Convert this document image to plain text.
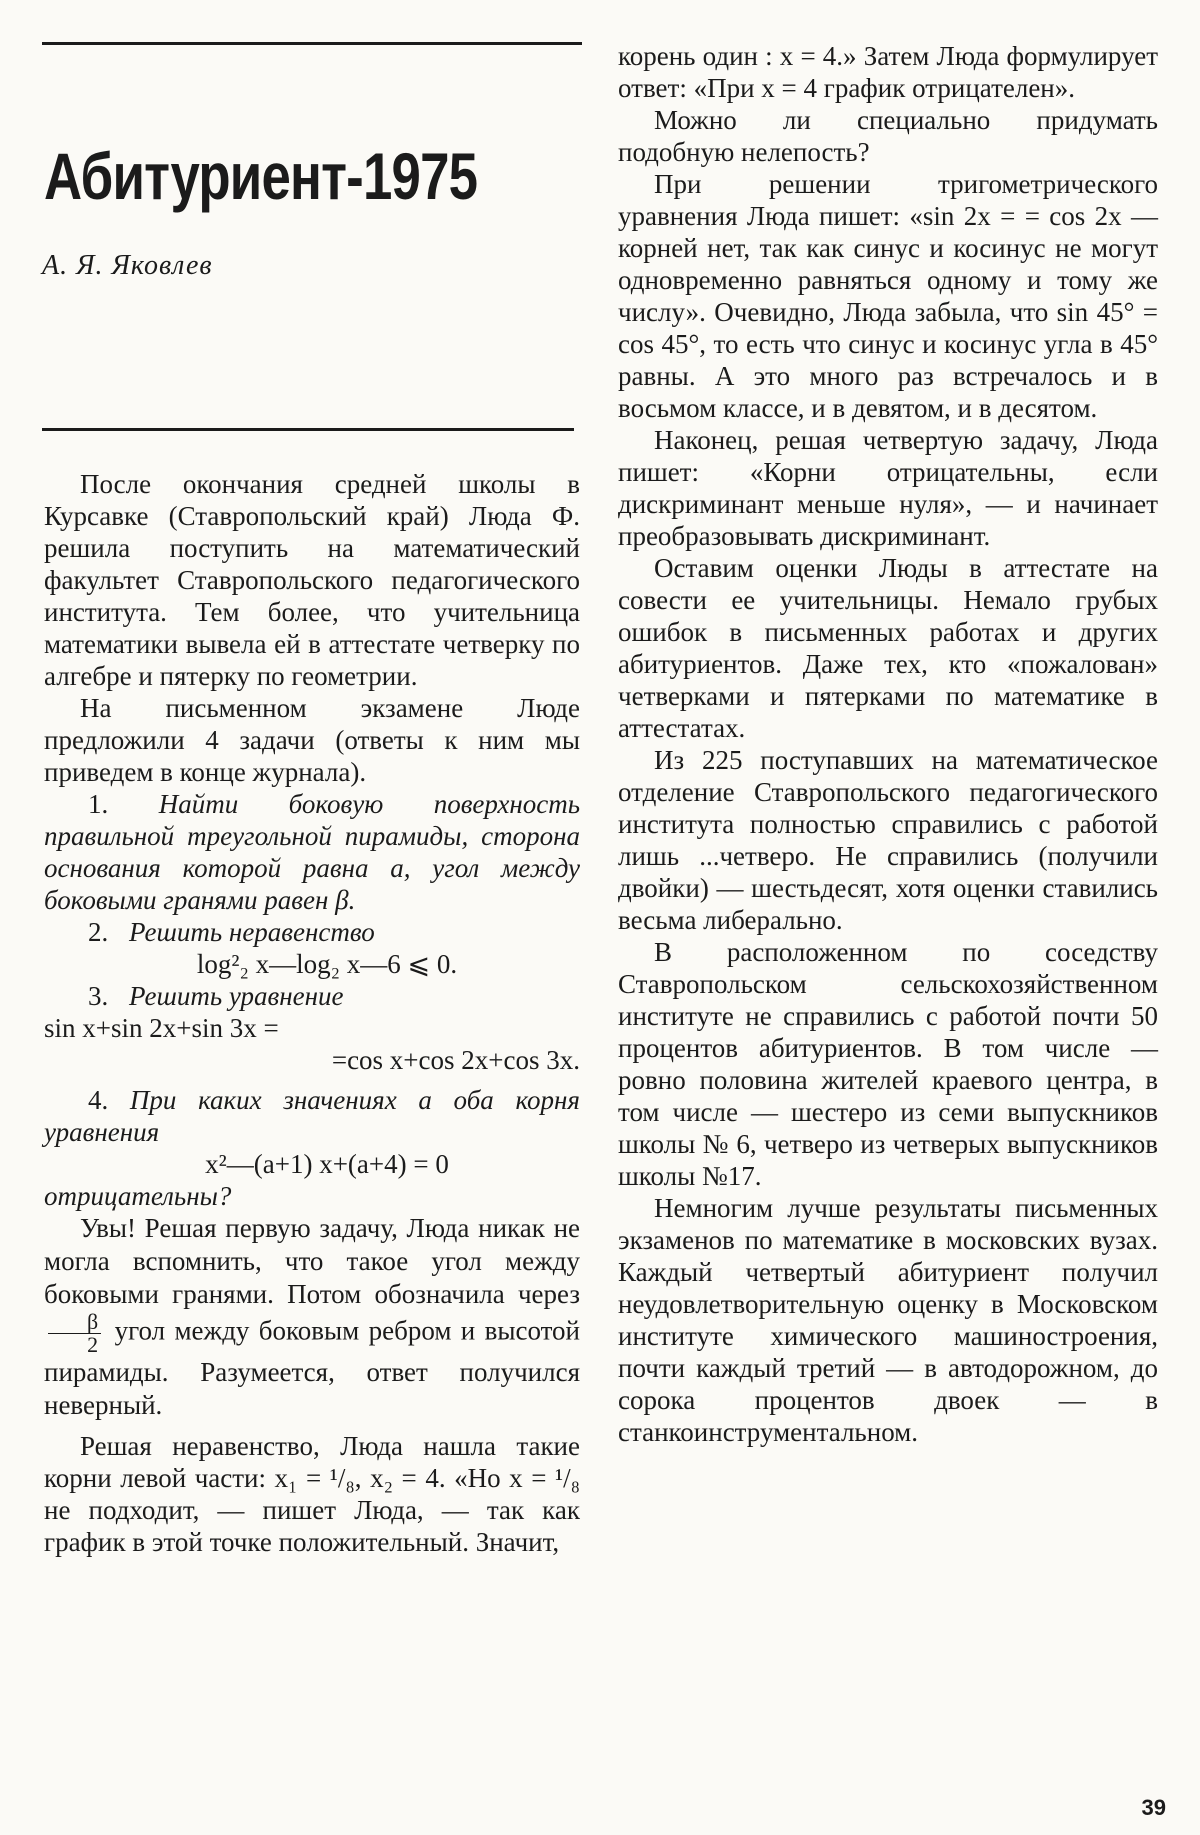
Абитуриент-1975
А. Я. Яковлев

После окончания средней школы в Курсавке (Ставропольский край) Люда Ф. решила поступить на математический факультет Ставропольского педагогического института. Тем более, что учительница математики вывела ей в аттестате четверку по алгебре и пятерку по геометрии.

На письменном экзамене Люде предложили 4 задачи (ответы к ним мы приведем в конце журнала).

1. Найти боковую поверхность правильной треугольной пирамиды, сторона основания которой равна a, угол между боковыми гранями равен β.

2. Решить неравенство

log²₂ x—log₂ x—6 ⩽ 0.

3. Решить уравнение

sin x+sin 2x+sin 3x =

=cos x+cos 2x+cos 3x.

4. При каких значениях a оба корня уравнения

x²—(a+1) x+(a+4) = 0

отрицательны?

Увы! Решая первую задачу, Люда никак не могла вспомнить, что такое угол между боковыми гранями. Потом обозначила через
$\frac{\beta}{2}$ угол между боковым ребром и высотой пирамиды. Разумеется, ответ получился неверный.

Решая неравенство, Люда нашла такие корни левой части: x₁ = ¹/₈, x₂ = 4. «Но x = ¹/₈ не подходит, — пишет Люда, — так как график в этой точке положительный. Значит,

корень один : x = 4.» Затем Люда формулирует ответ: «При x = 4 график отрицателен».

Можно ли специально придумать подобную нелепость?

При решении тригометрического уравнения Люда пишет: «sin 2x = = cos 2x — корней нет, так как синус и косинус не могут одновременно равняться одному и тому же числу». Очевидно, Люда забыла, что sin 45° = cos 45°, то есть что синус и косинус угла в 45° равны. А это много раз встречалось и в восьмом классе, и в девятом, и в десятом.

Наконец, решая четвертую задачу, Люда пишет: «Корни отрицательны, если дискриминант меньше нуля», — и начинает преобразовывать дискриминант.

Оставим оценки Люды в аттестате на совести ее учительницы. Немало грубых ошибок в письменных работах и других абитуриентов. Даже тех, кто «пожалован» четверками и пятерками по математике в аттестатах.

Из 225 поступавших на математическое отделение Ставропольского педагогического института полностью справились с работой лишь ...четверо. Не справились (получили двойки) — шестьдесят, хотя оценки ставились весьма либерально.

В расположенном по соседству Ставропольском сельскохозяйственном институте не справились с работой почти 50 процентов абитуриентов. В том числе — ровно половина жителей краевого центра, в том числе — шестеро из семи выпускников школы № 6, четверо из четверых выпускников школы №17.

Немногим лучше результаты письменных экзаменов по математике в московских вузах. Каждый четвертый абитуриент получил неудовлетворительную оценку в Московском институте химического машиностроения, почти каждый третий — в автодорожном, до сорока процентов двоек — в станкоинструментальном.

39
